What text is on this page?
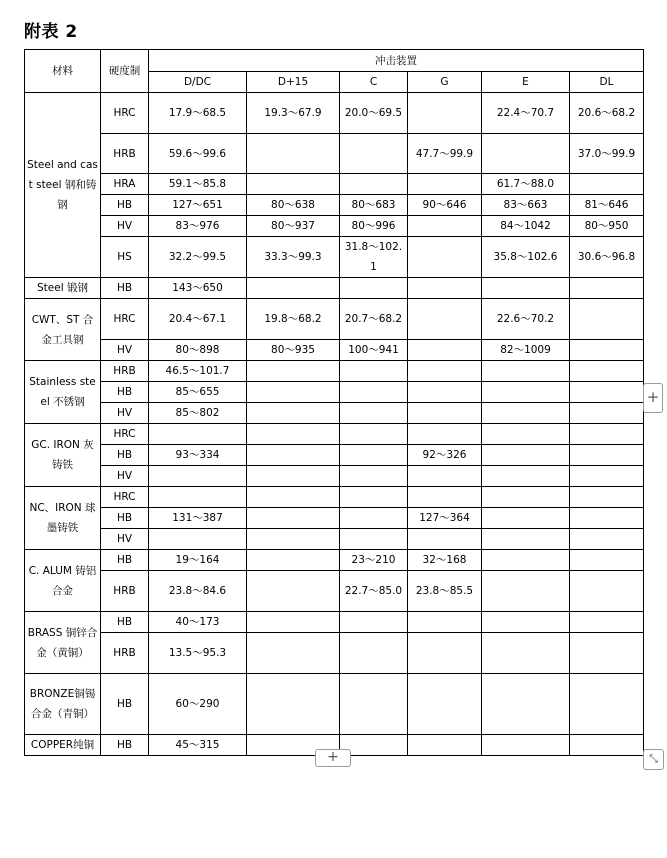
附表 2
材料	硬度制	冲击装置					
		D/DC	D+15	C	G	E	DL
Steel and cast steel 钢和铸钢	HRC	17.9～68.5	19.3～67.9	20.0～69.5		22.4～70.7	20.6～68.2
	HRB	59.6～99.6			47.7～99.9		37.0～99.9
	HRA	59.1～85.8				61.7～88.0	
	HB	127～651	80～638	80～683	90～646	83～663	81～646
	HV	83～976	80～937	80～996		84～1042	80～950
	HS	32.2～99.5	33.3～99.3	31.8～102.1		35.8～102.6	30.6～96.8
Steel 锻钢	HB	143～650					
CWT、ST 合金工具钢	HRC	20.4～67.1	19.8～68.2	20.7～68.2		22.6～70.2	
	HV	80～898	80～935	100～941		82～1009	
Stainless steel 不锈钢	HRB	46.5～101.7					
	HB	85～655					
	HV	85～802					
GC. IRON 灰铸铁	HRC						
	HB	93～334			92～326		
	HV						
NC、IRON 球墨铸铁	HRC						
	HB	131～387			127～364		
	HV						
C. ALUM 铸铝合金	HB	19～164		23～210	32～168		
	HRB	23.8～84.6		22.7～85.0	23.8～85.5		
BRASS 铜锌合金（黄铜）	HB	40～173					
	HRB	13.5～95.3					
BRONZE铜锡合金（青铜）	HB	60～290					
COPPER纯铜	HB	45～315					
+
+	⤡
